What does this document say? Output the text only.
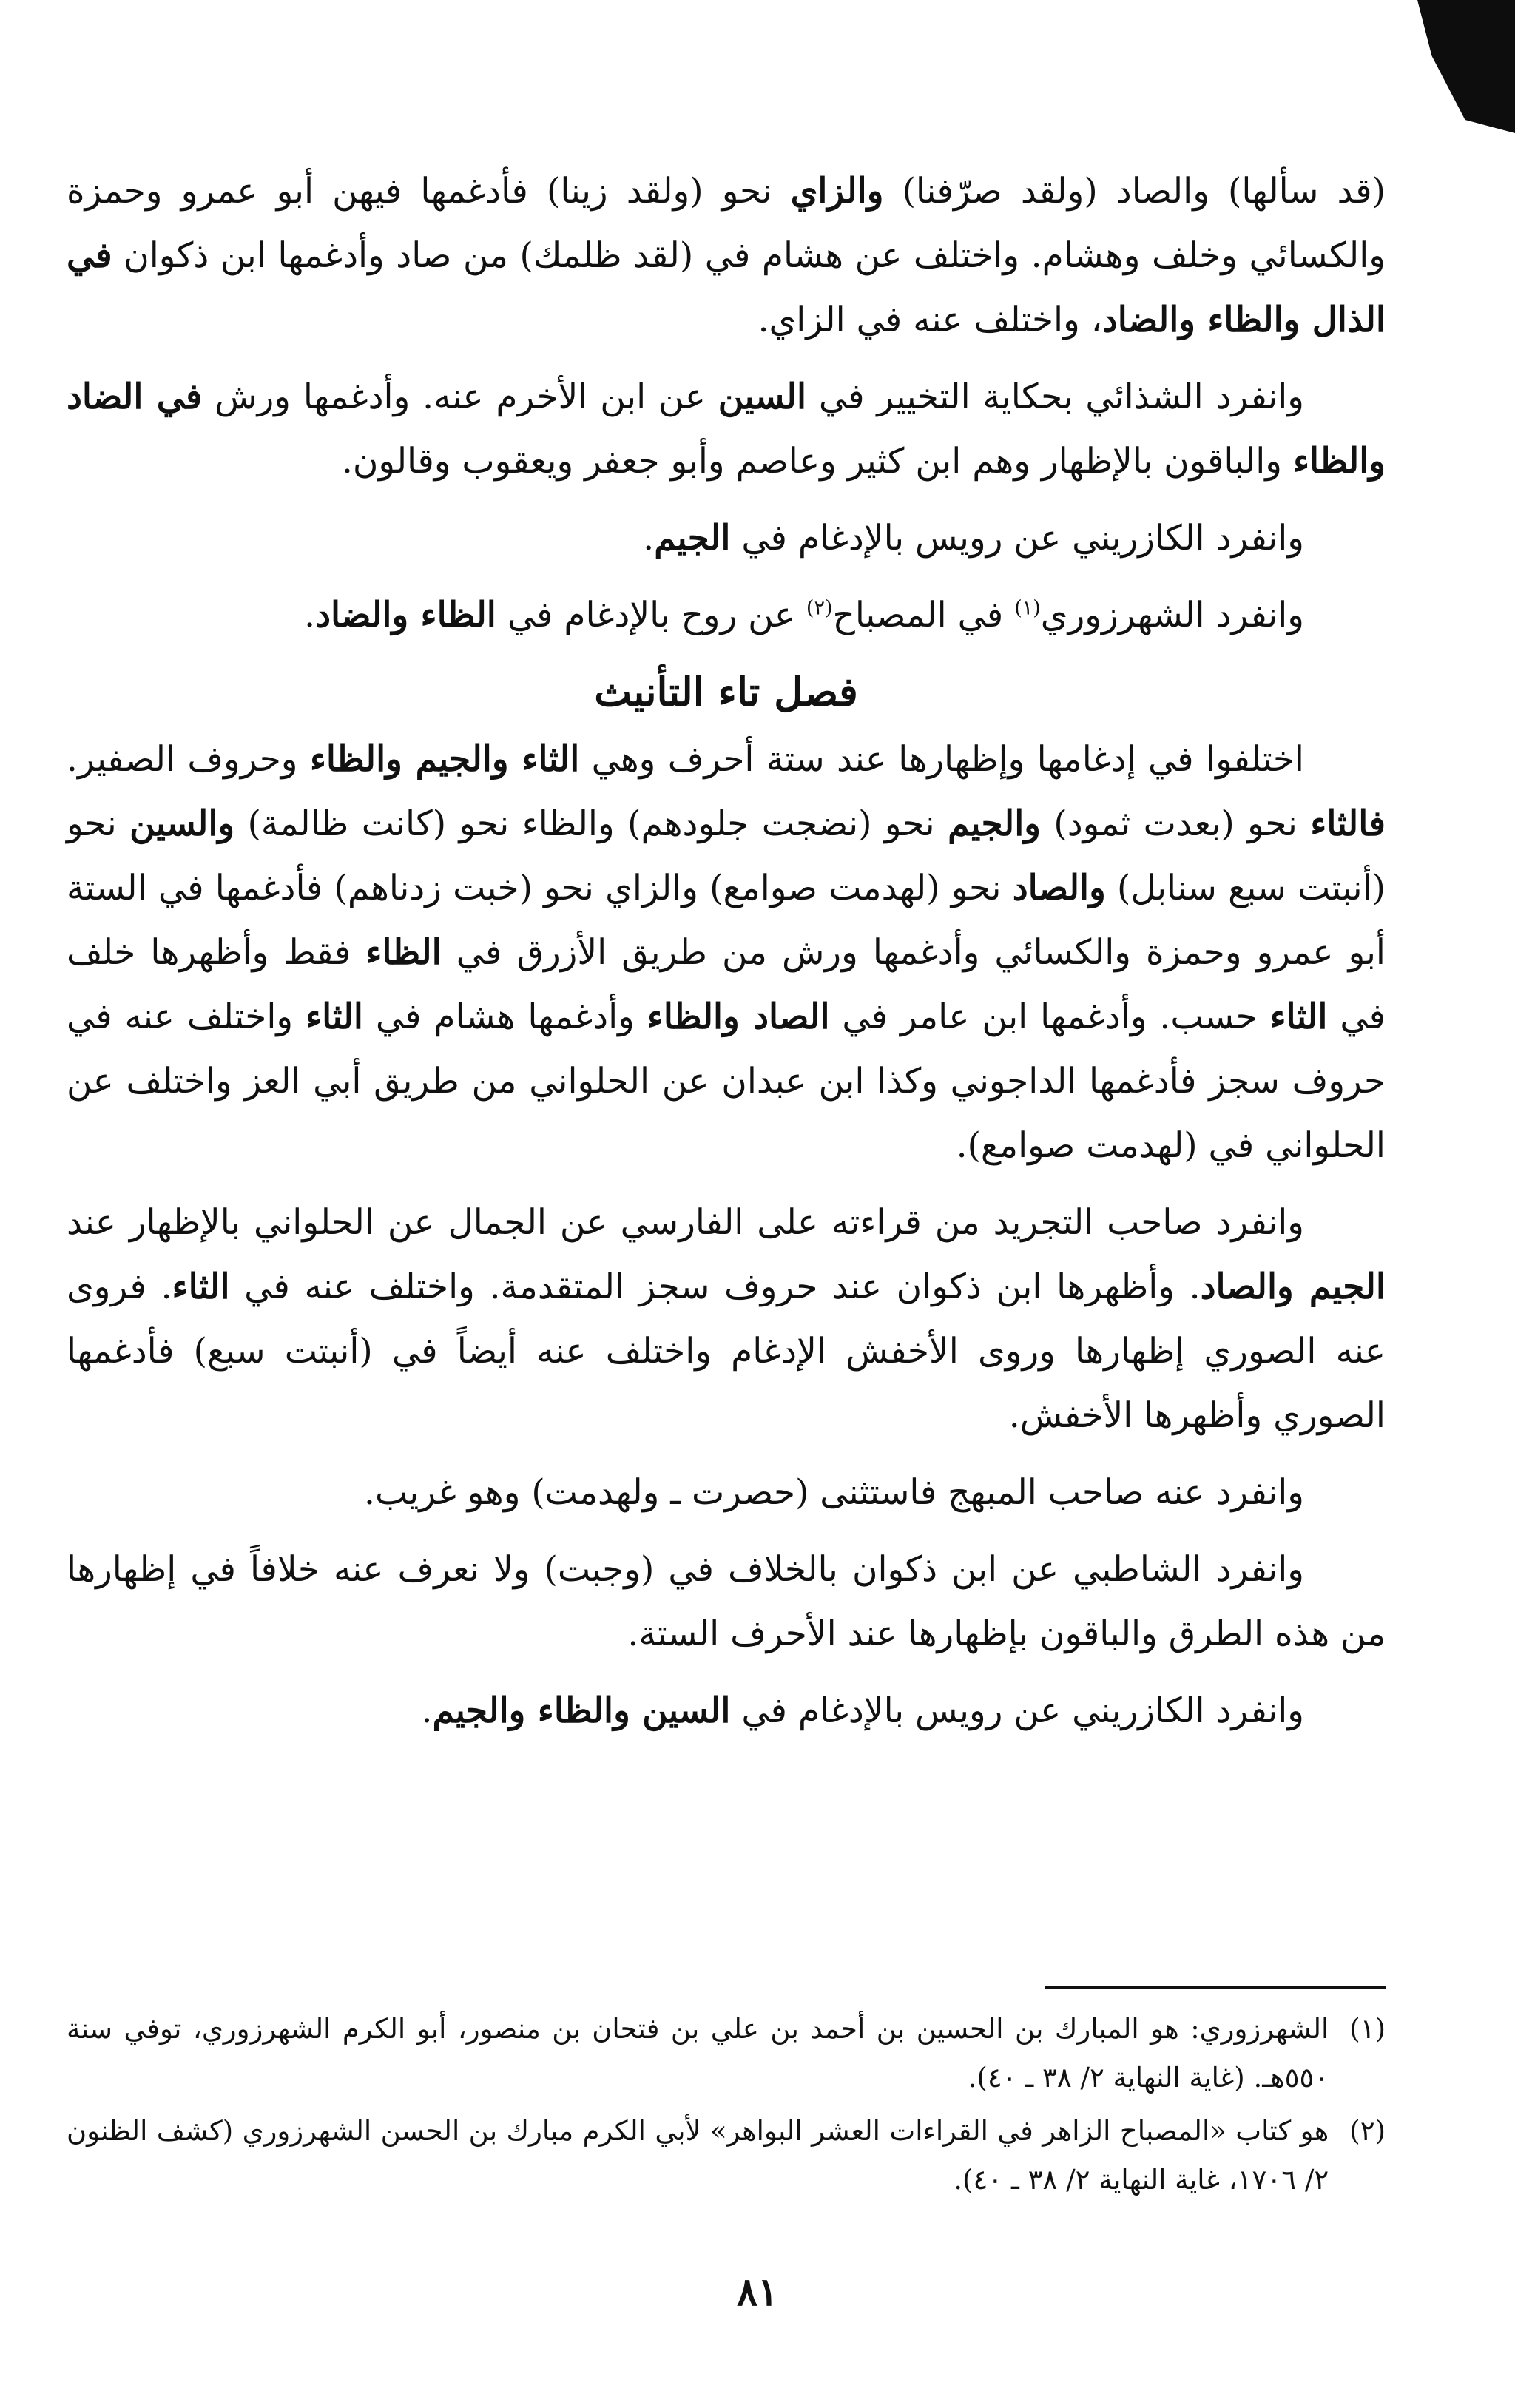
(قد سألها) والصاد (ولقد صرّفنا) والزاي نحو (ولقد زينا) فأدغمها فيهن أبو عمرو وحمزة والكسائي وخلف وهشام. واختلف عن هشام في (لقد ظلمك) من صاد وأدغمها ابن ذكوان في الذال والظاء والضاد، واختلف عنه في الزاي.

وانفرد الشذائي بحكاية التخيير في السين عن ابن الأخرم عنه. وأدغمها ورش في الضاد والظاء والباقون بالإظهار وهم ابن كثير وعاصم وأبو جعفر ويعقوب وقالون.

وانفرد الكازريني عن رويس بالإدغام في الجيم.

وانفرد الشهرزوري$^{(١)}$ في المصباح$^{(٢)}$ عن روح بالإدغام في الظاء والضاد.

فصل تاء التأنيث

اختلفوا في إدغامها وإظهارها عند ستة أحرف وهي الثاء والجيم والظاء وحروف الصفير. فالثاء نحو (بعدت ثمود) والجيم نحو (نضجت جلودهم) والظاء نحو (كانت ظالمة) والسين نحو (أنبتت سبع سنابل) والصاد نحو (لهدمت صوامع) والزاي نحو (خبت زدناهم) فأدغمها في الستة أبو عمرو وحمزة والكسائي وأدغمها ورش من طريق الأزرق في الظاء فقط وأظهرها خلف في الثاء حسب. وأدغمها ابن عامر في الصاد والظاء وأدغمها هشام في الثاء واختلف عنه في حروف سجز فأدغمها الداجوني وكذا ابن عبدان عن الحلواني من طريق أبي العز واختلف عن الحلواني في (لهدمت صوامع).

وانفرد صاحب التجريد من قراءته على الفارسي عن الجمال عن الحلواني بالإظهار عند الجيم والصاد. وأظهرها ابن ذكوان عند حروف سجز المتقدمة. واختلف عنه في الثاء. فروى عنه الصوري إظهارها وروى الأخفش الإدغام واختلف عنه أيضاً في (أنبتت سبع) فأدغمها الصوري وأظهرها الأخفش.

وانفرد عنه صاحب المبهج فاستثنى (حصرت ـ ولهدمت) وهو غريب.

وانفرد الشاطبي عن ابن ذكوان بالخلاف في (وجبت) ولا نعرف عنه خلافاً في إظهارها من هذه الطرق والباقون بإظهارها عند الأحرف الستة.

وانفرد الكازريني عن رويس بالإدغام في السين والظاء والجيم.

(١)
الشهرزوري: هو المبارك بن الحسين بن أحمد بن علي بن فتحان بن منصور، أبو الكرم الشهرزوري، توفي سنة ٥٥٠هـ. (غاية النهاية ٢/ ٣٨ ـ ٤٠).
(٢)
هو كتاب «المصباح الزاهر في القراءات العشر البواهر» لأبي الكرم مبارك بن الحسن الشهرزوري (كشف الظنون ٢/ ١٧٠٦، غاية النهاية ٢/ ٣٨ ـ ٤٠).
٨١
